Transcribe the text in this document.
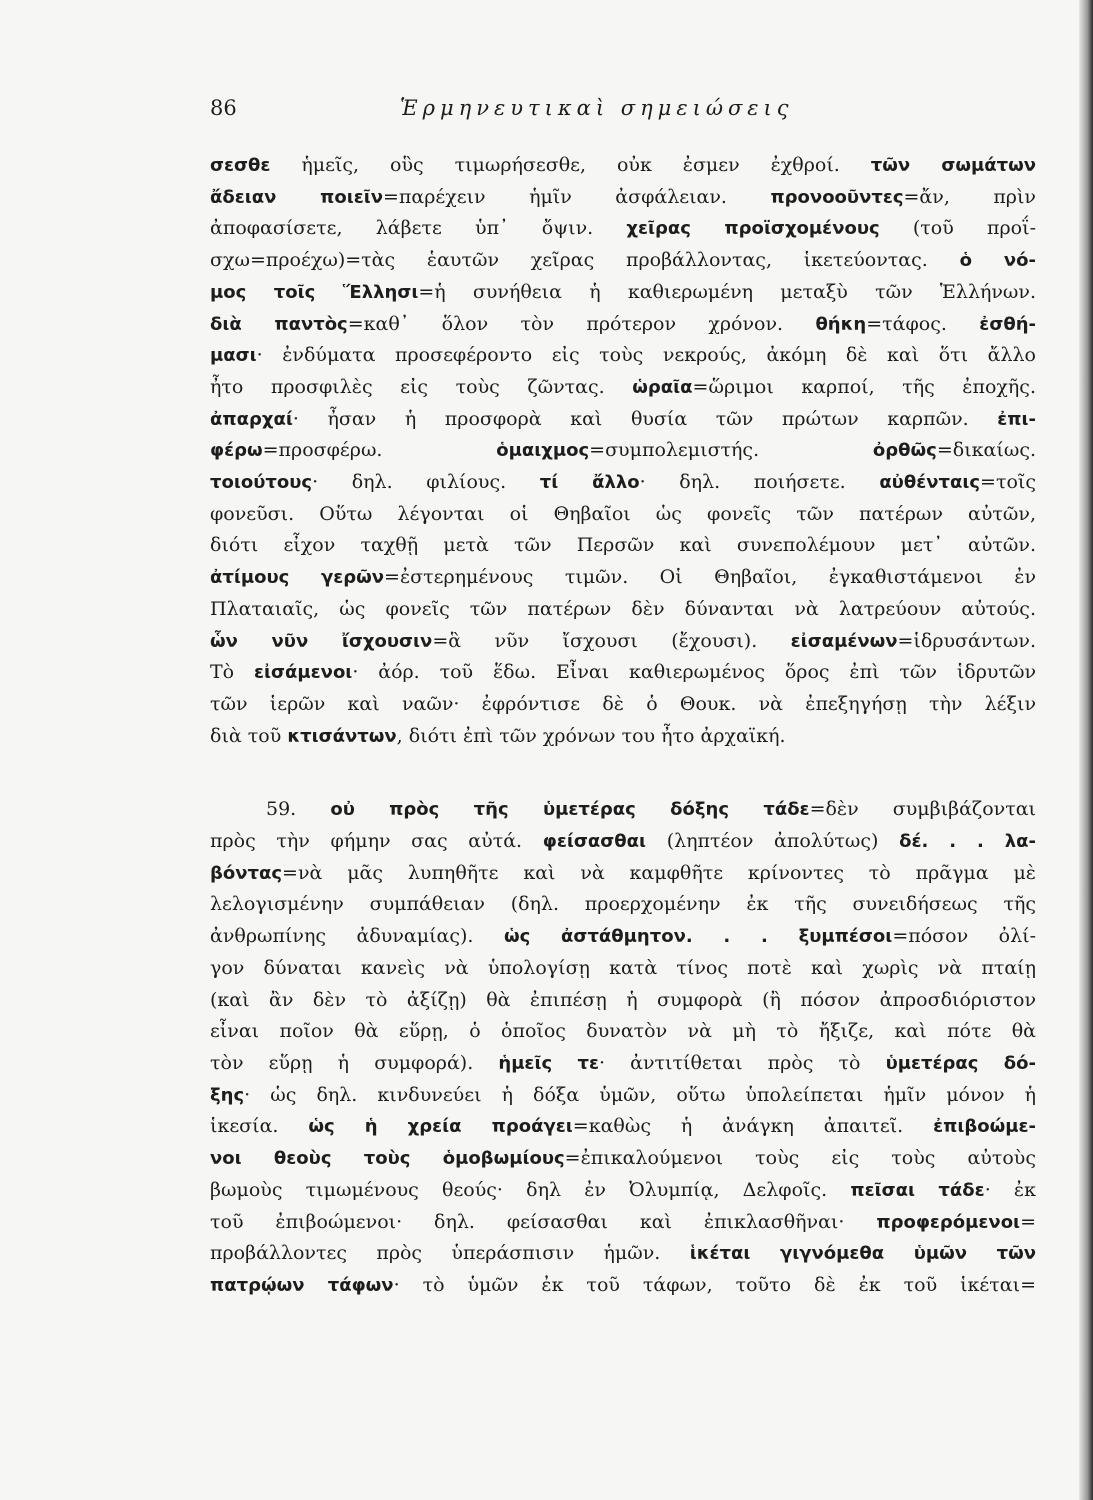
86	Ἑρμηνευτικαὶ σημειώσεις
σεσθε ἡμεῖς, οὓς τιμωρήσεσθε, οὐκ ἐσμεν ἐχθροί. τῶν σωμάτων
ἄδειαν ποιεῖν=παρέχειν ἡμῖν ἀσφάλειαν. προνοοῦντες=ἄν, πρὶν
ἀποφασίσετε, λάβετε ὑπ᾿ ὄψιν. χεῖρας προϊσχομένους (τοῦ προΐ-
σχω=προέχω)=τὰς ἑαυτῶν χεῖρας προβάλλοντας, ἱκετεύοντας. ὁ νό-
μος τοῖς Ἕλλησι=ἡ συνήθεια ἡ καθιερωμένη μεταξὺ τῶν Ἑλλήνων.
διὰ παντὸς=καθ᾿ ὅλον τὸν πρότερον χρόνον. θήκη=τάφος. ἐσθή-
μασι· ἐνδύματα προσεφέροντο εἰς τοὺς νεκρούς, ἀκόμη δὲ καὶ ὅτι ἄλλο
ἦτο προσφιλὲς εἰς τοὺς ζῶντας. ὡραῖα=ὥριμοι καρποί, τῆς ἐποχῆς.
ἀπαρχαί· ἦσαν ἡ προσφορὰ καὶ θυσία τῶν πρώτων καρπῶν. ἐπι-
φέρω=προσφέρω. ὁμαιχμος=συμπολεμιστής. ὀρθῶς=δικαίως.
τοιούτους· δηλ. φιλίους. τί ἄλλο· δηλ. ποιήσετε. αὐθένταις=τοῖς
φονεῦσι. Οὕτω λέγονται οἱ Θηβαῖοι ὡς φονεῖς τῶν πατέρων αὐτῶν,
διότι εἶχον ταχθῇ μετὰ τῶν Περσῶν καὶ συνεπολέμουν μετ᾿ αὐτῶν.
ἀτίμους γερῶν=ἐστερημένους τιμῶν. Οἱ Θηβαῖοι, ἐγκαθιστάμενοι ἐν
Πλαταιαῖς, ὡς φονεῖς τῶν πατέρων δὲν δύνανται νὰ λατρεύουν αὐτούς.
ὧν νῦν ἴσχουσιν=ἃ νῦν ἴσχουσι (ἔχουσι). εἰσαμένων=ἱδρυσάντων.
Τὸ εἰσάμενοι· ἀόρ. τοῦ ἕδω. Εἶναι καθιερωμένος ὅρος ἐπὶ τῶν ἱδρυτῶν
τῶν ἱερῶν καὶ ναῶν· ἐφρόντισε δὲ ὁ Θουκ. νὰ ἐπεξηγήσῃ τὴν λέξιν
διὰ τοῦ κτισάντων, διότι ἐπὶ τῶν χρόνων του ἦτο ἀρχαϊκή.
59. οὐ πρὸς τῆς ὑμετέρας δόξης τάδε=δὲν συμβιβάζονται
πρὸς τὴν φήμην σας αὐτά. φείσασθαι (ληπτέον ἀπολύτως) δέ. . . λα-
βόντας=νὰ μᾶς λυπηθῆτε καὶ νὰ καμφθῆτε κρίνοντες τὸ πρᾶγμα μὲ
λελογισμένην συμπάθειαν (δηλ. προερχομένην ἐκ τῆς συνειδήσεως τῆς
ἀνθρωπίνης ἀδυναμίας). ὡς ἀστάθμητον. . . ξυμπέσοι=πόσον ὀλί-
γον δύναται κανεὶς νὰ ὑπολογίσῃ κατὰ τίνος ποτὲ καὶ χωρὶς νὰ πταίῃ
(καὶ ἂν δὲν τὸ ἀξίζῃ) θὰ ἐπιπέσῃ ἡ συμφορὰ (ἢ πόσον ἀπροσδιόριστον
εἶναι ποῖον θὰ εὕρῃ, ὁ ὁποῖος δυνατὸν νὰ μὴ τὸ ἤξιζε, καὶ πότε θὰ
τὸν εὕρῃ ἡ συμφορά). ἡμεῖς τε· ἀντιτίθεται πρὸς τὸ ὑμετέρας δό-
ξης· ὡς δηλ. κινδυνεύει ἡ δόξα ὑμῶν, οὕτω ὑπολείπεται ἡμῖν μόνον ἡ
ἱκεσία. ὡς ἡ χρεία προάγει=καθὼς ἡ ἀνάγκη ἀπαιτεῖ. ἐπιβοώμε-
νοι θεοὺς τοὺς ὁμοβωμίους=ἐπικαλούμενοι τοὺς εἰς τοὺς αὐτοὺς
βωμοὺς τιμωμένους θεούς· δηλ ἐν Ὀλυμπίᾳ, Δελφοῖς. πεῖσαι τάδε· ἐκ
τοῦ ἐπιβοώμενοι· δηλ. φείσασθαι καὶ ἐπικλασθῆναι· προφερόμενοι=
προβάλλοντες πρὸς ὑπεράσπισιν ἡμῶν. ἱκέται γιγνόμεθα ὑμῶν τῶν
πατρῴων τάφων· τὸ ὑμῶν ἐκ τοῦ τάφων, τοῦτο δὲ ἐκ τοῦ ἱκέται=
